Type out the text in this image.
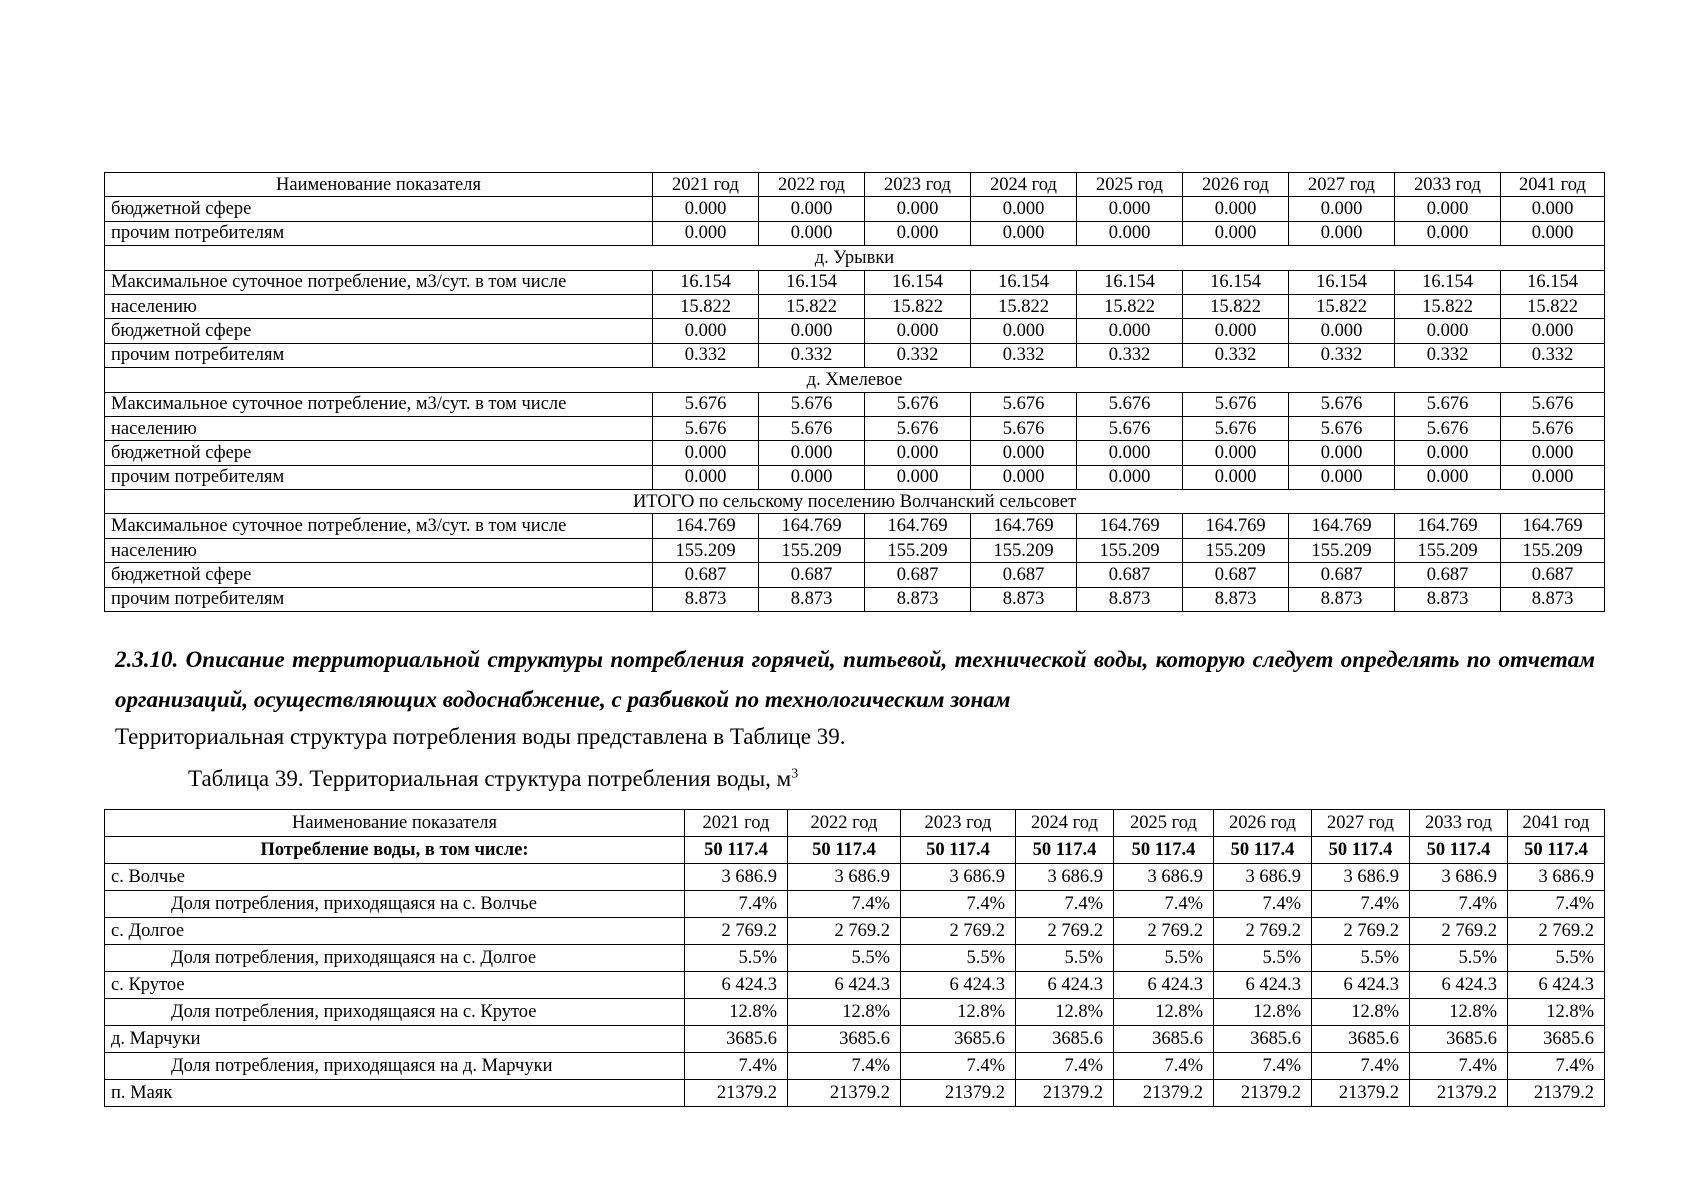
Наименование показателя	2021 год	2022 год	2023 год	2024 год	2025 год	2026 год	2027 год	2033 год	2041 год
бюджетной сфере	0.000	0.000	0.000	0.000	0.000	0.000	0.000	0.000	0.000
прочим потребителям	0.000	0.000	0.000	0.000	0.000	0.000	0.000	0.000	0.000
д. Урывки									
Максимальное суточное потребление, м3/сут. в том числе	16.154	16.154	16.154	16.154	16.154	16.154	16.154	16.154	16.154
населению	15.822	15.822	15.822	15.822	15.822	15.822	15.822	15.822	15.822
бюджетной сфере	0.000	0.000	0.000	0.000	0.000	0.000	0.000	0.000	0.000
прочим потребителям	0.332	0.332	0.332	0.332	0.332	0.332	0.332	0.332	0.332
д. Хмелевое									
Максимальное суточное потребление, м3/сут. в том числе	5.676	5.676	5.676	5.676	5.676	5.676	5.676	5.676	5.676
населению	5.676	5.676	5.676	5.676	5.676	5.676	5.676	5.676	5.676
бюджетной сфере	0.000	0.000	0.000	0.000	0.000	0.000	0.000	0.000	0.000
прочим потребителям	0.000	0.000	0.000	0.000	0.000	0.000	0.000	0.000	0.000
ИТОГО по сельскому поселению Волчанский сельсовет									
Максимальное суточное потребление, м3/сут. в том числе	164.769	164.769	164.769	164.769	164.769	164.769	164.769	164.769	164.769
населению	155.209	155.209	155.209	155.209	155.209	155.209	155.209	155.209	155.209
бюджетной сфере	0.687	0.687	0.687	0.687	0.687	0.687	0.687	0.687	0.687
прочим потребителям	8.873	8.873	8.873	8.873	8.873	8.873	8.873	8.873	8.873
2.3.10. Описание территориальной структуры потребления горячей, питьевой, технической воды, которую следует определять по отчетам организаций, осуществляющих водоснабжение, с разбивкой по технологическим зонам
Территориальная структура потребления воды представлена в Таблице 39.
Таблица 39. Территориальная структура потребления воды, $м^3$
Наименование показателя	2021 год	2022 год	2023 год	2024 год	2025 год	2026 год	2027 год	2033 год	2041 год
Потребление воды, в том числе:	50 117.4	50 117.4	50 117.4	50 117.4	50 117.4	50 117.4	50 117.4	50 117.4	50 117.4
с. Волчье	3 686.9	3 686.9	3 686.9	3 686.9	3 686.9	3 686.9	3 686.9	3 686.9	3 686.9
Доля потребления, приходящаяся на с. Волчье	7.4%	7.4%	7.4%	7.4%	7.4%	7.4%	7.4%	7.4%	7.4%
с. Долгое	2 769.2	2 769.2	2 769.2	2 769.2	2 769.2	2 769.2	2 769.2	2 769.2	2 769.2
Доля потребления, приходящаяся на с. Долгое	5.5%	5.5%	5.5%	5.5%	5.5%	5.5%	5.5%	5.5%	5.5%
с. Крутое	6 424.3	6 424.3	6 424.3	6 424.3	6 424.3	6 424.3	6 424.3	6 424.3	6 424.3
Доля потребления, приходящаяся на с. Крутое	12.8%	12.8%	12.8%	12.8%	12.8%	12.8%	12.8%	12.8%	12.8%
д. Марчуки	3685.6	3685.6	3685.6	3685.6	3685.6	3685.6	3685.6	3685.6	3685.6
Доля потребления, приходящаяся на д. Марчуки	7.4%	7.4%	7.4%	7.4%	7.4%	7.4%	7.4%	7.4%	7.4%
п. Маяк	21379.2	21379.2	21379.2	21379.2	21379.2	21379.2	21379.2	21379.2	21379.2
